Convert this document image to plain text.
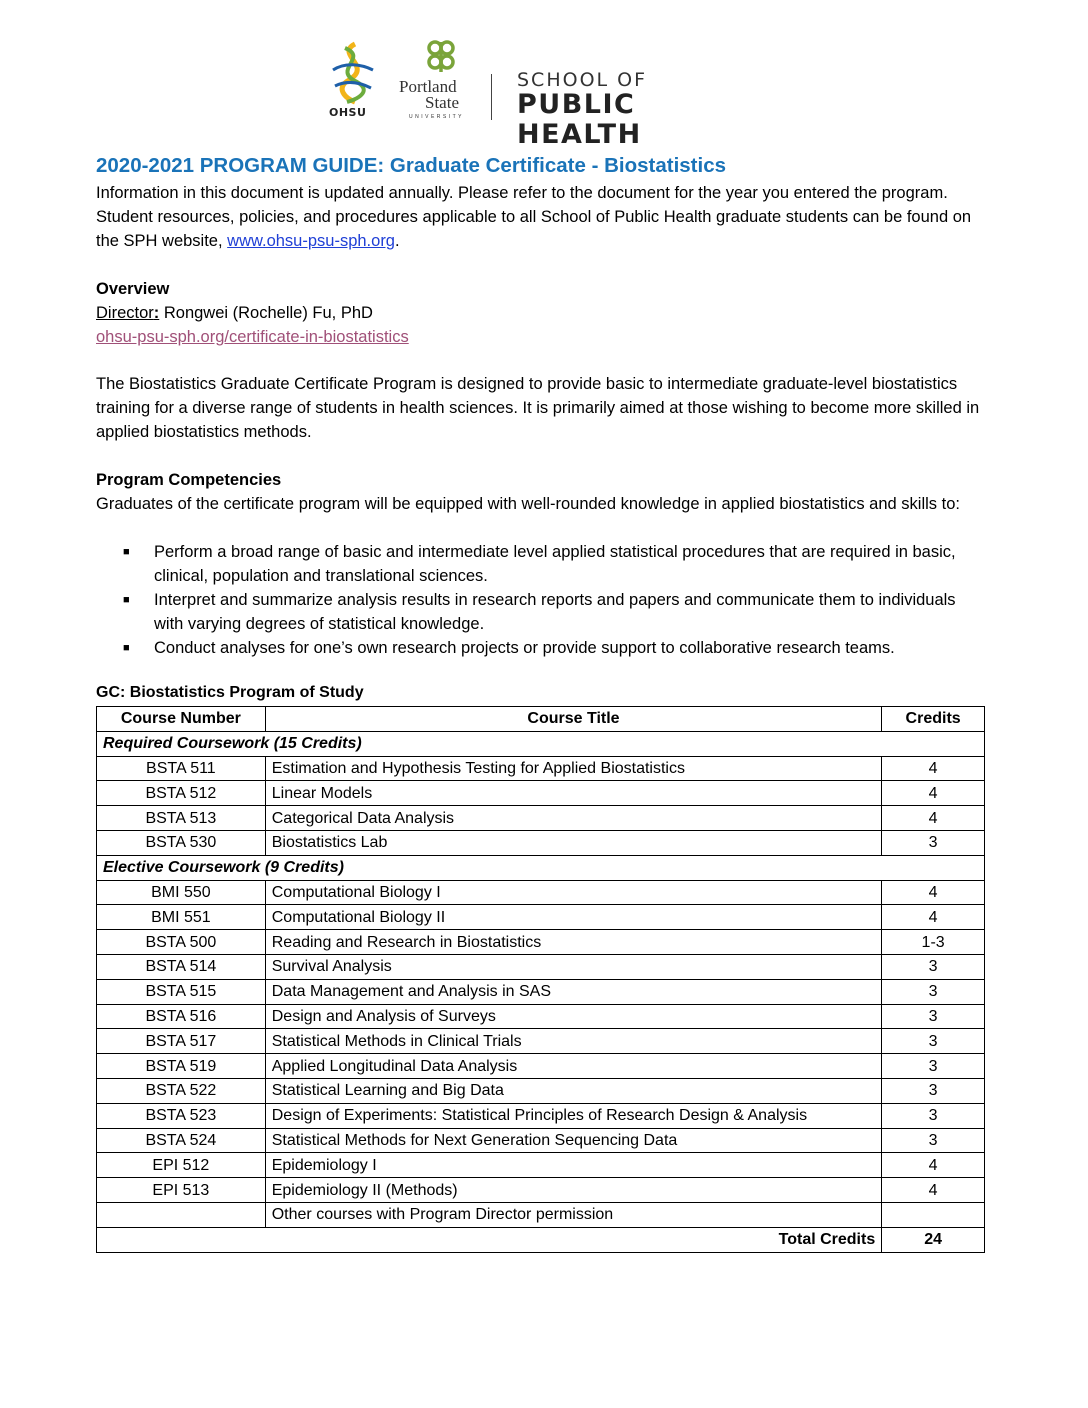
OHSU
Portland
State
UNIVERSITY
SCHOOL OF
PUBLIC HEALTH
2020-2021 PROGRAM GUIDE: Graduate Certificate - Biostatistics

Information in this document is updated annually. Please refer to the document for the year you entered the program. Student resources, policies, and procedures applicable to all School of Public Health graduate students can be found on the SPH website, www.ohsu-psu-sph.org.

Overview

Director: Rongwei (Rochelle) Fu, PhD

ohsu-psu-sph.org/certificate-in-biostatistics

The Biostatistics Graduate Certificate Program is designed to provide basic to intermediate graduate-level biostatistics training for a diverse range of students in health sciences. It is primarily aimed at those wishing to become more skilled in applied biostatistics methods.

Program Competencies

Graduates of the certificate program will be equipped with well-rounded knowledge in applied biostatistics and skills to:

■ Perform a broad range of basic and intermediate level applied statistical procedures that are required in basic, clinical, population and translational sciences.
■ Interpret and summarize analysis results in research reports and papers and communicate them to individuals with varying degrees of statistical knowledge.
■ Conduct analyses for one’s own research projects or provide support to collaborative research teams.
GC: Biostatistics Program of Study
Course Number	Course Title	Credits
Required Coursework (15 Credits)		
BSTA 511	Estimation and Hypothesis Testing for Applied Biostatistics	4
BSTA 512	Linear Models	4
BSTA 513	Categorical Data Analysis	4
BSTA 530	Biostatistics Lab	3
Elective Coursework (9 Credits)		
BMI 550	Computational Biology I	4
BMI 551	Computational Biology II	4
BSTA 500	Reading and Research in Biostatistics	1-3
BSTA 514	Survival Analysis	3
BSTA 515	Data Management and Analysis in SAS	3
BSTA 516	Design and Analysis of Surveys	3
BSTA 517	Statistical Methods in Clinical Trials	3
BSTA 519	Applied Longitudinal Data Analysis	3
BSTA 522	Statistical Learning and Big Data	3
BSTA 523	Design of Experiments: Statistical Principles of Research Design & Analysis	3
BSTA 524	Statistical Methods for Next Generation Sequencing Data	3
EPI 512	Epidemiology I	4
EPI 513	Epidemiology II (Methods)	4
	Other courses with Program Director permission	
Total Credits		24
